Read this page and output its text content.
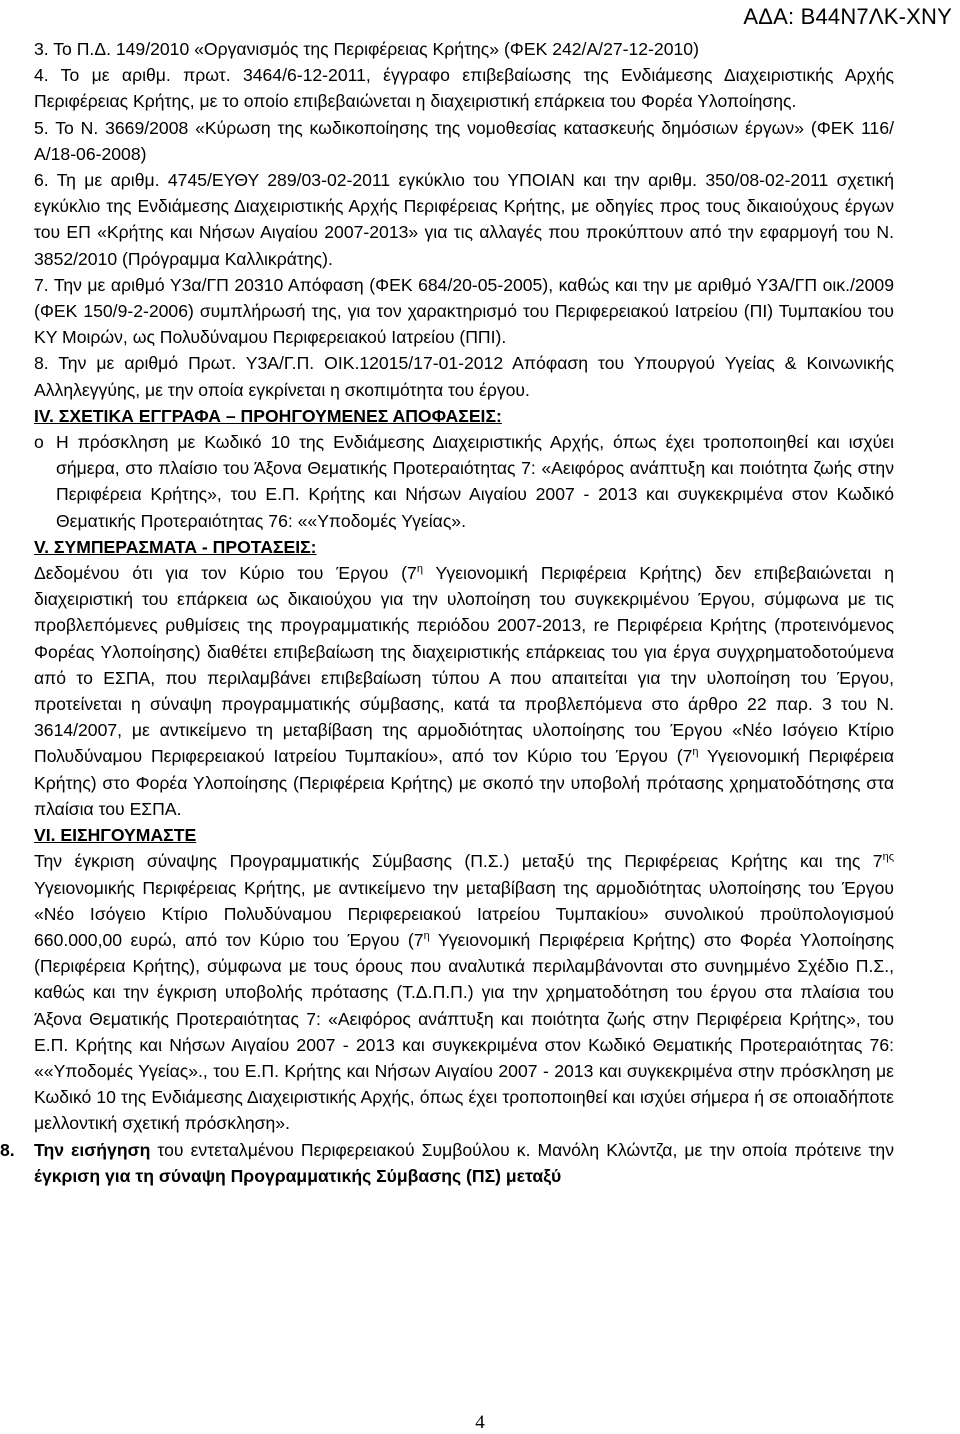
ΑΔΑ: Β44Ν7ΛΚ-ΧΝΥ

3. Το Π.Δ. 149/2010 «Οργανισμός της Περιφέρειας Κρήτης» (ΦΕΚ 242/Α/27-12-2010)

4. Το με αριθμ. πρωτ. 3464/6-12-2011, έγγραφο επιβεβαίωσης της Ενδιάμεσης Διαχειριστικής Αρχής Περιφέρειας Κρήτης, με το οποίο επιβεβαιώνεται η διαχειριστική επάρκεια του Φορέα Υλοποίησης.

5. Το Ν. 3669/2008 «Κύρωση της κωδικοποίησης της νομοθεσίας κατασκευής δημόσιων έργων» (ΦΕΚ 116/Α/18-06-2008)

6. Τη με αριθμ. 4745/ΕΥΘΥ 289/03-02-2011 εγκύκλιο του ΥΠΟΙΑΝ και την αριθμ. 350/08-02-2011 σχετική εγκύκλιο της Ενδιάμεσης Διαχειριστικής Αρχής Περιφέρειας Κρήτης, με οδηγίες προς τους δικαιούχους έργων του ΕΠ «Κρήτης και Νήσων Αιγαίου 2007-2013» για τις αλλαγές που προκύπτουν από την εφαρμογή του Ν. 3852/2010 (Πρόγραμμα Καλλικράτης).

7. Την με αριθμό Υ3α/ΓΠ 20310 Απόφαση (ΦΕΚ 684/20-05-2005), καθώς και την με αριθμό Υ3Α/ΓΠ οικ./2009 (ΦΕΚ 150/9-2-2006) συμπλήρωσή της, για τον χαρακτηρισμό του Περιφερειακού Ιατρείου (ΠΙ) Τυμπακίου του ΚΥ Μοιρών, ως Πολυδύναμου Περιφερειακού Ιατρείου (ΠΠΙ).

8. Την με αριθμό Πρωτ. Υ3Α/Γ.Π. ΟΙΚ.12015/17-01-2012 Απόφαση του Υπουργού Υγείας & Κοινωνικής Αλληλεγγύης, με την οποία εγκρίνεται η σκοπιμότητα του έργου.

IV. ΣΧΕΤΙΚΑ ΕΓΓΡΑΦΑ – ΠΡΟΗΓΟΥΜΕΝΕΣ ΑΠΟΦΑΣΕΙΣ:

o Η πρόσκληση με Κωδικό 10 της Ενδιάμεσης Διαχειριστικής Αρχής, όπως έχει τροποποιηθεί και ισχύει σήμερα, στο πλαίσιο του Άξονα Θεματικής Προτεραιότητας 7: «Αειφόρος ανάπτυξη και ποιότητα ζωής στην Περιφέρεια Κρήτης», του Ε.Π. Κρήτης και Νήσων Αιγαίου 2007 - 2013 και συγκεκριμένα στον Κωδικό Θεματικής Προτεραιότητας 76: ««Υποδομές Υγείας».

V. ΣΥΜΠΕΡΑΣΜΑΤΑ - ΠΡΟΤΑΣΕΙΣ:

Δεδομένου ότι για τον Κύριο του Έργου ($7^\eta$ Υγειονομική Περιφέρεια Κρήτης) δεν επιβεβαιώνεται η διαχειριστική του επάρκεια ως δικαιούχου για την υλοποίηση του συγκεκριμένου Έργου, σύμφωνα με τις προβλεπόμενες ρυθμίσεις της προγραμματικής περιόδου 2007-2013, re Περιφέρεια Κρήτης (προτεινόμενος Φορέας Υλοποίησης) διαθέτει επιβεβαίωση της διαχειριστικής επάρκειας του για έργα συγχρηματοδοτούμενα από το ΕΣΠΑ, που περιλαμβάνει επιβεβαίωση τύπου Α που απαιτείται για την υλοποίηση του Έργου, προτείνεται η σύναψη προγραμματικής σύμβασης, κατά τα προβλεπόμενα στο άρθρο 22 παρ. 3 του Ν. 3614/2007, με αντικείμενο τη μεταβίβαση της αρμοδιότητας υλοποίησης του Έργου «Νέο Ισόγειο Κτίριο Πολυδύναμου Περιφερειακού Ιατρείου Τυμπακίου», από τον Κύριο του Έργου ($7^\eta$ Υγειονομική Περιφέρεια Κρήτης) στο Φορέα Υλοποίησης (Περιφέρεια Κρήτης) με σκοπό την υποβολή πρότασης χρηματοδότησης στα πλαίσια του ΕΣΠΑ.

VI. ΕΙΣΗΓΟΥΜΑΣΤΕ

Την έγκριση σύναψης Προγραμματικής Σύμβασης (Π.Σ.) μεταξύ της Περιφέρειας Κρήτης και της $7^{\eta\varsigma}$ Υγειονομικής Περιφέρειας Κρήτης, με αντικείμενο την μεταβίβαση της αρμοδιότητας υλοποίησης του Έργου «Νέο Ισόγειο Κτίριο Πολυδύναμου Περιφερειακού Ιατρείου Τυμπακίου» συνολικού προϋπολογισμού 660.000,00 ευρώ, από τον Κύριο του Έργου ($7^\eta$ Υγειονομική Περιφέρεια Κρήτης) στο Φορέα Υλοποίησης (Περιφέρεια Κρήτης), σύμφωνα με τους όρους που αναλυτικά περιλαμβάνονται στο συνημμένο Σχέδιο Π.Σ., καθώς και την έγκριση υποβολής πρότασης (Τ.Δ.Π.Π.) για την χρηματοδότηση του έργου στα πλαίσια του Άξονα Θεματικής Προτεραιότητας 7: «Αειφόρος ανάπτυξη και ποιότητα ζωής στην Περιφέρεια Κρήτης», του Ε.Π. Κρήτης και Νήσων Αιγαίου 2007 - 2013 και συγκεκριμένα στον Κωδικό Θεματικής Προτεραιότητας 76: ««Υποδομές Υγείας»., του Ε.Π. Κρήτης και Νήσων Αιγαίου 2007 - 2013 και συγκεκριμένα στην πρόσκληση με Κωδικό 10 της Ενδιάμεσης Διαχειριστικής Αρχής, όπως έχει τροποποιηθεί και ισχύει σήμερα ή σε οποιαδήποτε μελλοντική σχετική πρόσκληση».

8.	Την εισήγηση του εντεταλμένου Περιφερειακού Συμβούλου κ. Μανόλη Κλώντζα, με την οποία πρότεινε την έγκριση για τη σύναψη Προγραμματικής Σύμβασης (ΠΣ) μεταξύ
4
